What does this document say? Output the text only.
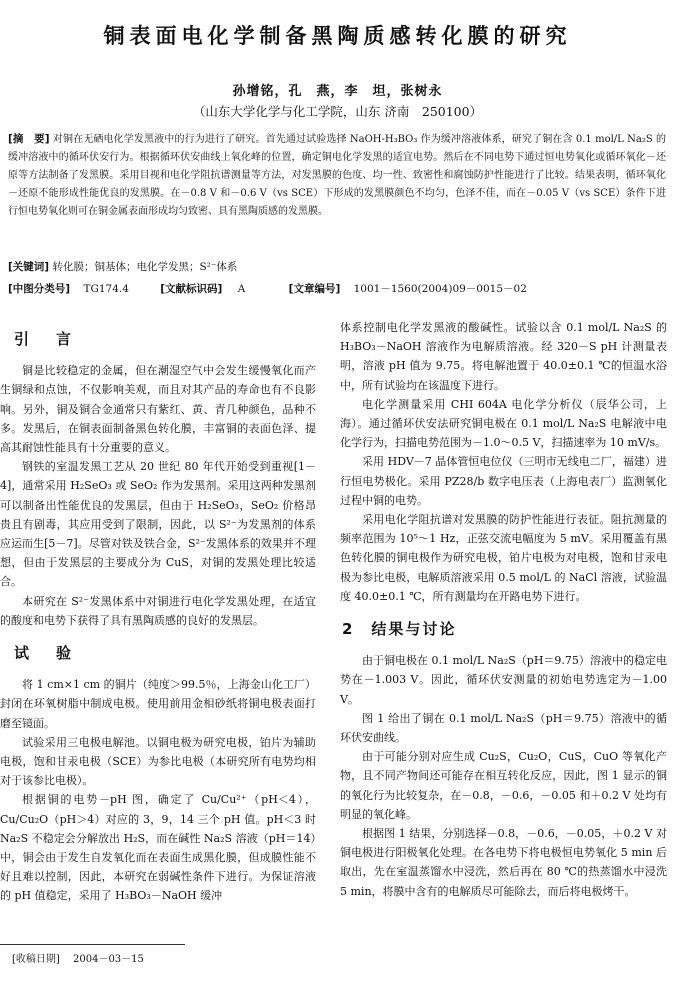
铜表面电化学制备黑陶质感转化膜的研究
孙增铭，孔　燕，李　坦，张树永
（山东大学化学与化工学院，山东 济南　250100）
[摘　要] 对铜在无硒电化学发黑液中的行为进行了研究。首先通过试验选择 NaOH-H₃BO₃ 作为缓冲溶液体系，研究了铜在含 0.1 mol/L Na₂S 的缓冲溶液中的循环伏安行为。根据循环伏安曲线上氧化峰的位置，确定铜电化学发黑的适宜电势。然后在不同电势下通过恒电势氧化或循环氧化－还原等方法制备了发黑膜。采用目视和电化学阻抗谱测量等方法，对发黑膜的色度、均一性、致密性和腐蚀防护性能进行了比较。结果表明，循环氧化－还原不能形成性能优良的发黑膜。在－0.8 V 和－0.6 V（vs SCE）下形成的发黑膜颜色不均匀，色泽不佳，而在－0.05 V（vs SCE）条件下进行恒电势氧化则可在铜金属表面形成均匀致密、具有黑陶质感的发黑膜。
[关键词] 转化膜；铜基体；电化学发黑；S²⁻体系
[中图分类号] TG174.4	[文献标识码] A	[文章编号] 1001－1560(2004)09－0015－02
引　言

铜是比较稳定的金属，但在潮湿空气中会发生缓慢氧化而产生铜绿和点蚀，不仅影响美观，而且对其产品的寿命也有不良影响。另外，铜及铜合金通常只有紫红、黄、青几种颜色，品种不多。发黑后，在铜表面制备黑色转化膜，丰富铜的表面色泽、提高其耐蚀性能具有十分重要的意义。

钢铁的室温发黑工艺从 20 世纪 80 年代开始受到重视[1－4]，通常采用 H₂SeO₃ 或 SeO₂ 作为发黑剂。采用这两种发黑剂可以制备出性能优良的发黑层，但由于 H₂SeO₃，SeO₂ 价格昂贵且有剧毒，其应用受到了限制，因此，以 S²⁻为发黑剂的体系应运而生[5－7]。尽管对铁及铁合金，S²⁻发黑体系的效果并不理想，但由于发黑层的主要成分为 CuS，对铜的发黑处理比较适合。

本研究在 S²⁻发黑体系中对铜进行电化学发黑处理，在适宜的酸度和电势下获得了具有黑陶质感的良好的发黑层。

试　验

将 1 cm×1 cm 的铜片（纯度＞99.5％，上海金山化工厂）封闭在环氧树脂中制成电极。使用前用金相砂纸将铜电极表面打磨至镜面。

试验采用三电极电解池。以铜电极为研究电极，铂片为辅助电极，饱和甘汞电极（SCE）为参比电极（本研究所有电势均相对于该参比电极）。

根据铜的电势－pH 图，确定了 Cu/Cu²⁺（pH＜4），Cu/Cu₂O（pH＞4）对应的 3，9，14 三个 pH 值。pH＜3 时 Na₂S 不稳定会分解放出 H₂S，而在碱性 Na₂S 溶液（pH＝14）中，铜会由于发生自发氧化而在表面生成黑化膜，但成膜性能不好且难以控制，因此，本研究在弱碱性条件下进行。为保证溶液的 pH 值稳定，采用了 H₃BO₃－NaOH 缓冲

体系控制电化学发黑液的酸碱性。试验以含 0.1 mol/L Na₂S 的 H₃BO₃－NaOH 溶液作为电解质溶液。经 320－S pH 计测量表明，溶液 pH 值为 9.75。将电解池置于 40.0±0.1 ℃的恒温水浴中，所有试验均在该温度下进行。

电化学测量采用 CHI 604A 电化学分析仪（辰华公司，上海）。通过循环伏安法研究铜电极在 0.1 mol/L Na₂S 电解液中电化学行为，扫描电势范围为－1.0～0.5 V，扫描速率为 10 mV/s。

采用 HDV－7 晶体管恒电位仪（三明市无线电二厂，福建）进行恒电势极化。采用 PZ28/b 数字电压表（上海电表厂）监测氧化过程中铜的电势。

采用电化学阻抗谱对发黑膜的防护性能进行表征。阻抗测量的频率范围为 10⁵～1 Hz，正弦交流电幅度为 5 mV。采用覆盖有黑色转化膜的铜电极作为研究电极，铂片电极为对电极，饱和甘汞电极为参比电极，电解质溶液采用 0.5 mol/L 的 NaCl 溶液，试验温度 40.0±0.1 ℃，所有测量均在开路电势下进行。

2　结果与讨论

由于铜电极在 0.1 mol/L Na₂S（pH＝9.75）溶液中的稳定电势在－1.003 V。因此，循环伏安测量的初始电势选定为－1.00 V。

图 1 给出了铜在 0.1 mol/L Na₂S（pH＝9.75）溶液中的循环伏安曲线。

由于可能分别对应生成 Cu₂S，Cu₂O，CuS，CuO 等氧化产物，且不同产物间还可能存在相互转化反应，因此，图 1 显示的铜的氧化行为比较复杂，在－0.8，－0.6，－0.05 和＋0.2 V 处均有明显的氧化峰。

根据图 1 结果，分别选择－0.8，－0.6，－0.05，＋0.2 V 对铜电极进行阳极氧化处理。在各电势下将电极恒电势氧化 5 min 后取出，先在室温蒸馏水中浸洗，然后再在 80 ℃的热蒸馏水中浸洗 5 min，将膜中含有的电解质尽可能除去，而后将电极烤干。

[收稿日期] 2004－03－15
